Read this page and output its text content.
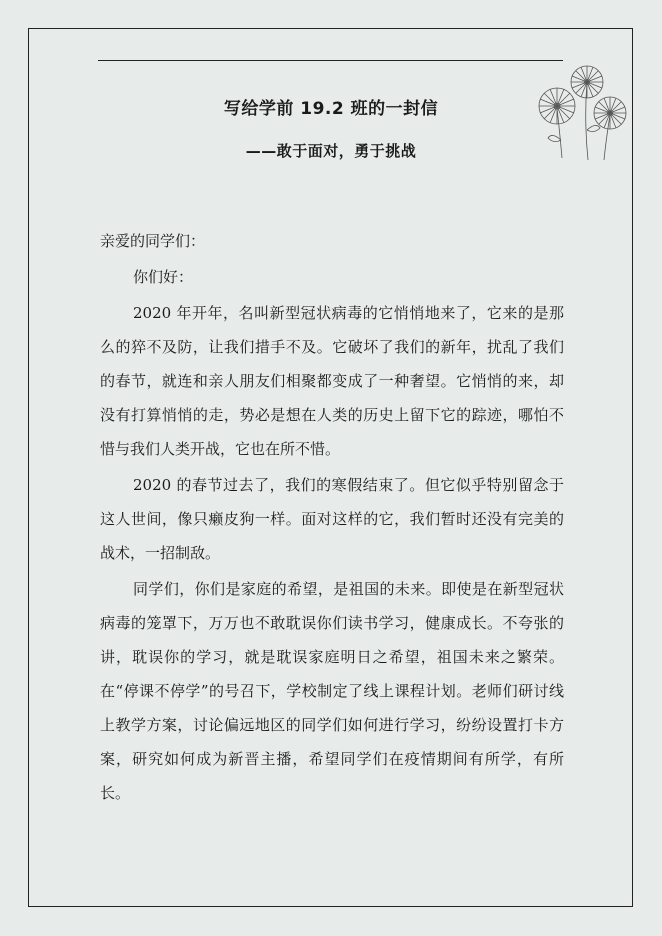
写给学前 19.2 班的一封信
——敢于面对，勇于挑战

亲爱的同学们：

你们好：

2020 年开年，名叫新型冠状病毒的它悄悄地来了，它来的是那么的猝不及防，让我们措手不及。它破坏了我们的新年，扰乱了我们的春节，就连和亲人朋友们相聚都变成了一种奢望。它悄悄的来，却没有打算悄悄的走，势必是想在人类的历史上留下它的踪迹，哪怕不惜与我们人类开战，它也在所不惜。

2020 的春节过去了，我们的寒假结束了。但它似乎特别留念于这人世间，像只癞皮狗一样。面对这样的它，我们暂时还没有完美的战术，一招制敌。

同学们，你们是家庭的希望，是祖国的未来。即使是在新型冠状病毒的笼罩下，万万也不敢耽误你们读书学习，健康成长。不夸张的讲，耽误你的学习，就是耽误家庭明日之希望，祖国未来之繁荣。在“停课不停学”的号召下，学校制定了线上课程计划。老师们研讨线上教学方案，讨论偏远地区的同学们如何进行学习，纷纷设置打卡方案，研究如何成为新晋主播，希望同学们在疫情期间有所学，有所长。
